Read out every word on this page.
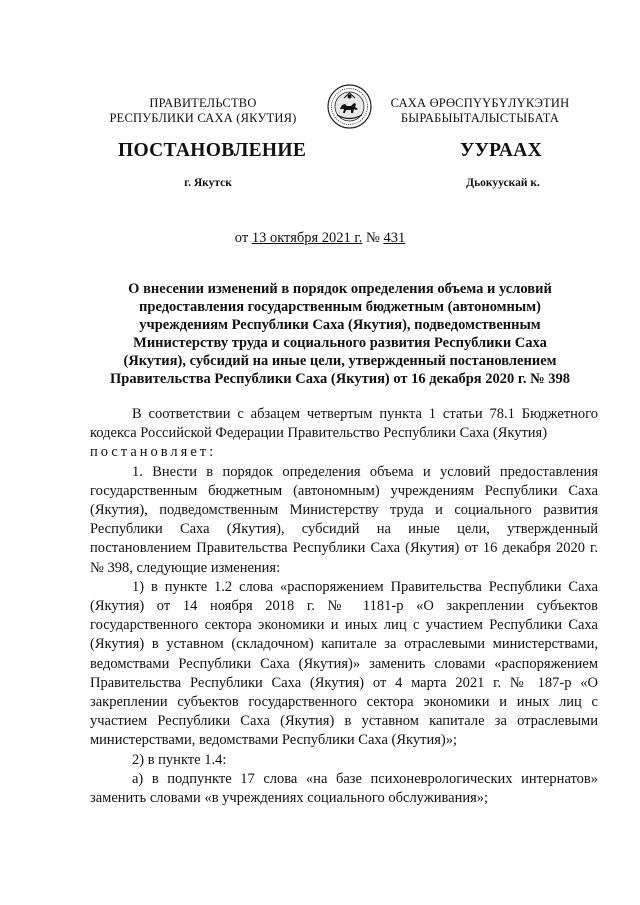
ПРАВИТЕЛЬСТВО
РЕСПУБЛИКИ САХА (ЯКУТИЯ)
САХА ӨРӨСПҮҮБҮЛҮКЭТИН
БЫРАБЫЫТАЛЫСТЫБАТА
ПОСТАНОВЛЕНИЕ	УУРААХ
г. Якутск	Дьокуускай к.
от 13 октября 2021 г. № 431
О внесении изменений в порядок определения объема и условий
предоставления государственным бюджетным (автономным)
учреждениям Республики Саха (Якутия), подведомственным
Министерству труда и социального развития Республики Саха
(Якутия), субсидий на иные цели, утвержденный постановлением
Правительства Республики Саха (Якутия) от 16 декабря 2020 г. № 398

В соответствии с абзацем четвертым пункта 1 статьи 78.1 Бюджетного кодекса Российской Федерации Правительство Республики Саха (Якутия)

постановляет:

1. Внести в порядок определения объема и условий предоставления государственным бюджетным (автономным) учреждениям Республики Саха (Якутия), подведомственным Министерству труда и социального развития Республики Саха (Якутия), субсидий на иные цели, утвержденный постановлением Правительства Республики Саха (Якутия) от 16 декабря 2020 г. № 398, следующие изменения:

1) в пункте 1.2 слова «распоряжением Правительства Республики Саха (Якутия) от 14 ноября 2018 г. № 1181-р «О закреплении субъектов государственного сектора экономики и иных лиц с участием Республики Саха (Якутия) в уставном (складочном) капитале за отраслевыми министерствами, ведомствами Республики Саха (Якутия)» заменить словами «распоряжением Правительства Республики Саха (Якутия) от 4 марта 2021 г. № 187-р «О закреплении субъектов государственного сектора экономики и иных лиц с участием Республики Саха (Якутия) в уставном капитале за отраслевыми министерствами, ведомствами Республики Саха (Якутия)»;

2) в пункте 1.4:

а) в подпункте 17 слова «на базе психоневрологических интернатов» заменить словами «в учреждениях социального обслуживания»;
